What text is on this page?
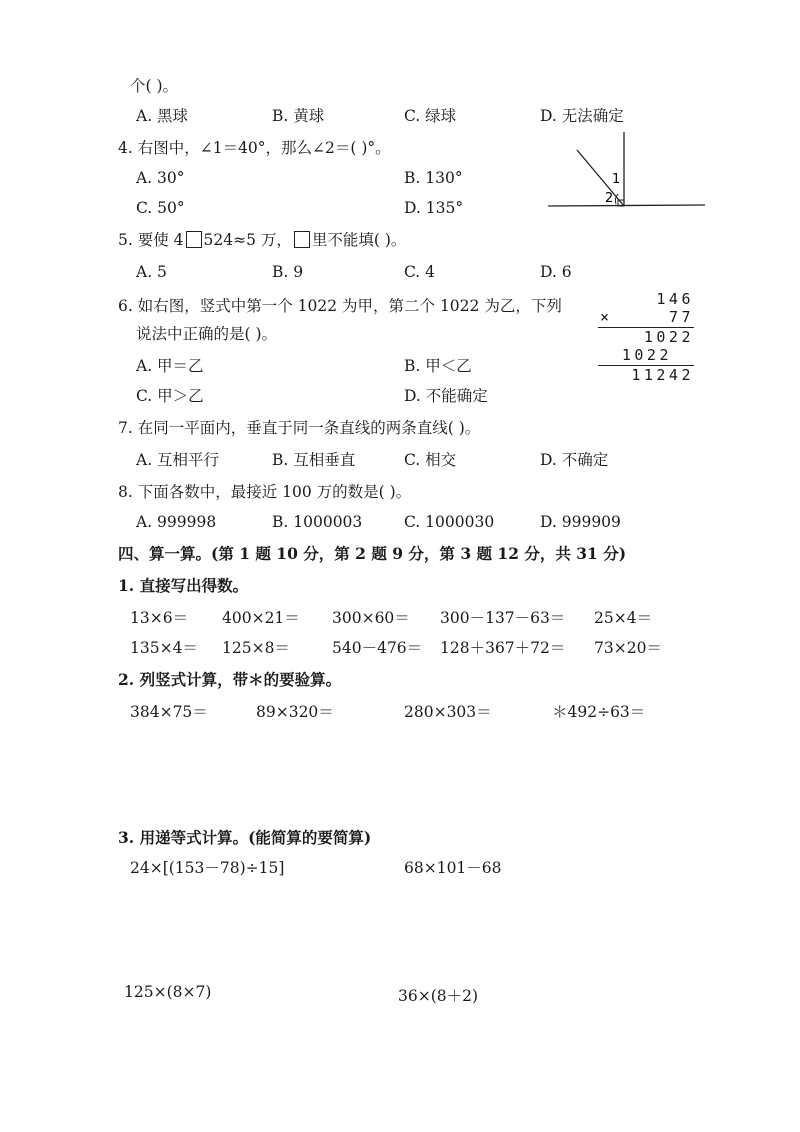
个( )。
A. 黑球	B. 黄球	C. 绿球	D. 无法确定
4. 右图中，∠1＝40°，那么∠2＝( )°。
A. 30°	B. 130°
C. 50°	D. 135°
1
2
5. 要使 4 524≈5 万， 里不能填( )。
A. 5	B. 9	C. 4	D. 6
6. 如右图，竖式中第一个 1022 为甲，第二个 1022 为乙，下列
说法中正确的是( )。
A. 甲＝乙	B. 甲＜乙
C. 甲＞乙	D. 不能确定
146
×	77
1022
1022
11242
7. 在同一平面内，垂直于同一条直线的两条直线( )。
A. 互相平行	B. 互相垂直	C. 相交	D. 不确定
8. 下面各数中，最接近 100 万的数是( )。
A. 999998	B. 1000003	C. 1000030	D. 999909
四、算一算。(第 1 题 10 分，第 2 题 9 分，第 3 题 12 分，共 31 分)
1. 直接写出得数。
13×6＝ 400×21＝ 300×60＝ 300－137－63＝ 25×4＝
135×4＝ 125×8＝	540－476＝ 128＋367＋72＝ 73×20＝
2. 列竖式计算，带＊的要验算。
384×75＝	89×320＝	280×303＝	＊492÷63＝
3. 用递等式计算。(能简算的要简算)
24×[(153－78)÷15]	68×101－68
125×(8×7)	36×(8＋2)
